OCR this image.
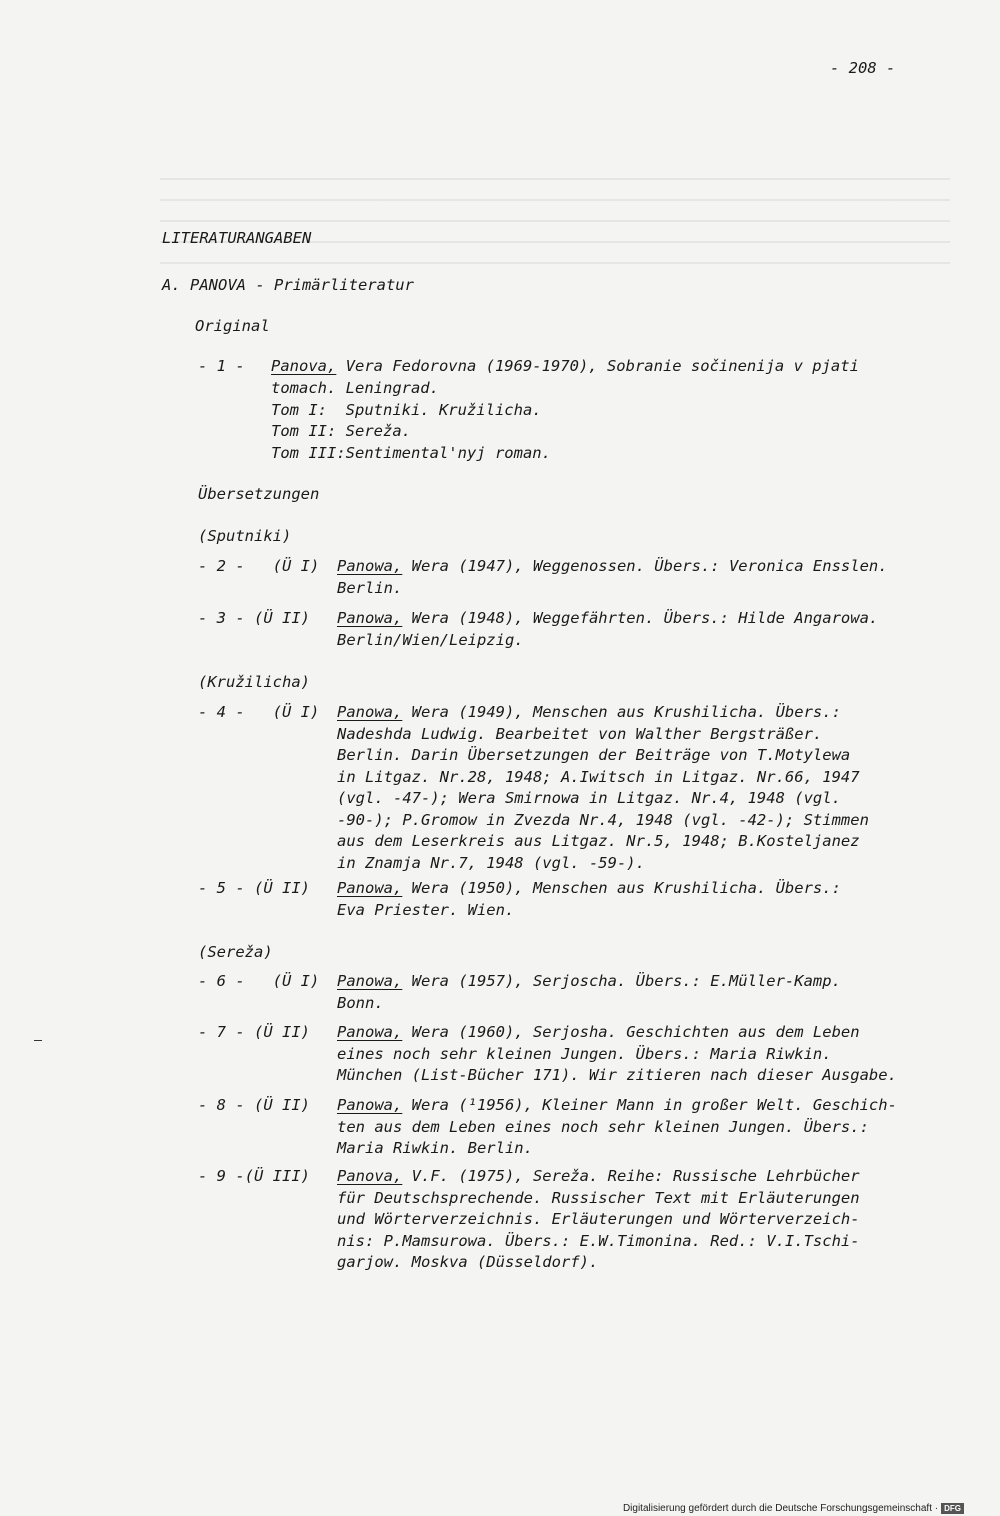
- 208 -
LITERATURANGABEN
A. PANOVA - Primärliteratur
Original
- 1 - Panova, Vera Fedorovna (1969-1970), Sobranie sočinenija v pjati
tomach. Leningrad.
Tom I:  Sputniki. Kružilicha.
Tom II: Sereža.
Tom III:Sentimental'nyj roman.
Übersetzungen
(Sputniki)
- 2 -   (Ü I) Panowa, Wera (1947), Weggenossen. Übers.: Veronica Ensslen.
Berlin.
- 3 - (Ü II) Panowa, Wera (1948), Weggefährten. Übers.: Hilde Angarowa.
Berlin/Wien/Leipzig.
(Kružilicha)
- 4 -   (Ü I) Panowa, Wera (1949), Menschen aus Krushilicha. Übers.:
Nadeshda Ludwig. Bearbeitet von Walther Bergsträßer.
Berlin. Darin Übersetzungen der Beiträge von T.Motylewa
in Litgaz. Nr.28, 1948; A.Iwitsch in Litgaz. Nr.66, 1947
(vgl. -47-); Wera Smirnowa in Litgaz. Nr.4, 1948 (vgl.
-90-); P.Gromow in Zvezda Nr.4, 1948 (vgl. -42-); Stimmen
aus dem Leserkreis aus Litgaz. Nr.5, 1948; B.Kosteljanez
in Znamja Nr.7, 1948 (vgl. -59-).
- 5 - (Ü II) Panowa, Wera (1950), Menschen aus Krushilicha. Übers.:
Eva Priester. Wien.
(Sereža)
- 6 -   (Ü I) Panowa, Wera (1957), Serjoscha. Übers.: E.Müller-Kamp.
Bonn.
- 7 - (Ü II) Panowa, Wera (1960), Serjosha. Geschichten aus dem Leben
eines noch sehr kleinen Jungen. Übers.: Maria Riwkin.
München (List-Bücher 171). Wir zitieren nach dieser Ausgabe.
- 8 - (Ü II) Panowa, Wera (¹1956), Kleiner Mann in großer Welt. Geschich-
ten aus dem Leben eines noch sehr kleinen Jungen. Übers.:
Maria Riwkin. Berlin.
- 9 -(Ü III) Panova, V.F. (1975), Sereža. Reihe: Russische Lehrbücher
für Deutschsprechende. Russischer Text mit Erläuterungen
und Wörterverzeichnis. Erläuterungen und Wörterverzeich-
nis: P.Mamsurowa. Übers.: E.W.Timonina. Red.: V.I.Tschi-
garjow. Moskva (Düsseldorf).
Digitalisierung gefördert durch die Deutsche Forschungsgemeinschaft · DFG
